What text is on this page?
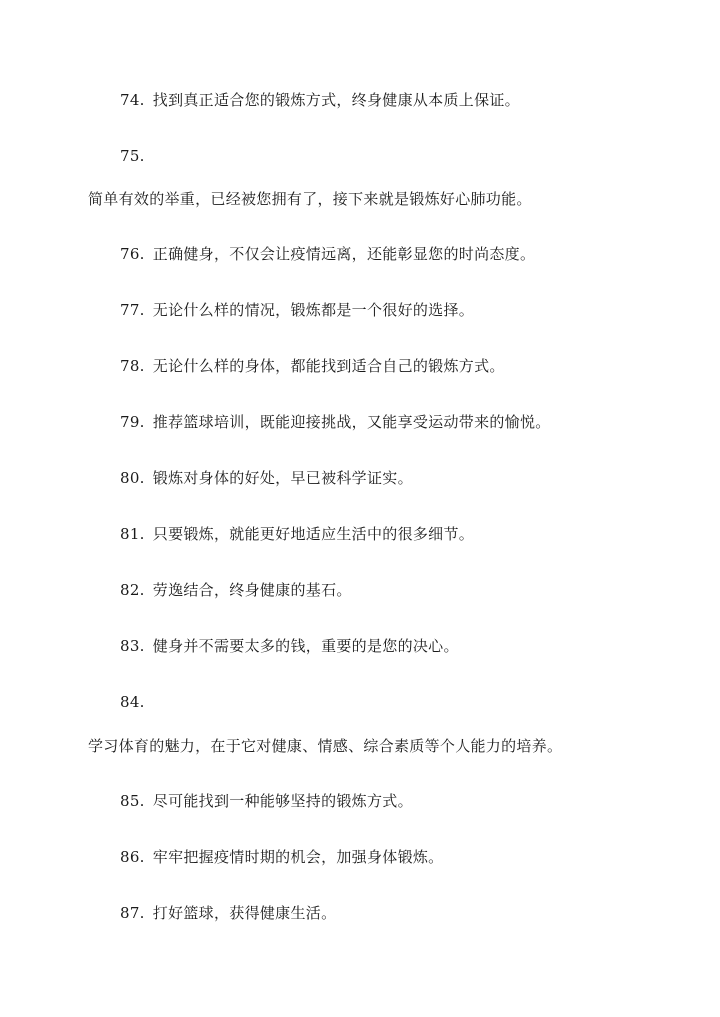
74. 找到真正适合您的锻炼方式，终身健康从本质上保证。
75.
简单有效的举重，已经被您拥有了，接下来就是锻炼好心肺功能。
76. 正确健身，不仅会让疫情远离，还能彰显您的时尚态度。
77. 无论什么样的情况，锻炼都是一个很好的选择。
78. 无论什么样的身体，都能找到适合自己的锻炼方式。
79. 推荐篮球培训，既能迎接挑战，又能享受运动带来的愉悦。
80. 锻炼对身体的好处，早已被科学证实。
81. 只要锻炼，就能更好地适应生活中的很多细节。
82. 劳逸结合，终身健康的基石。
83. 健身并不需要太多的钱，重要的是您的决心。
84.
学习体育的魅力，在于它对健康、情感、综合素质等个人能力的培养。
85. 尽可能找到一种能够坚持的锻炼方式。
86. 牢牢把握疫情时期的机会，加强身体锻炼。
87. 打好篮球，获得健康生活。
